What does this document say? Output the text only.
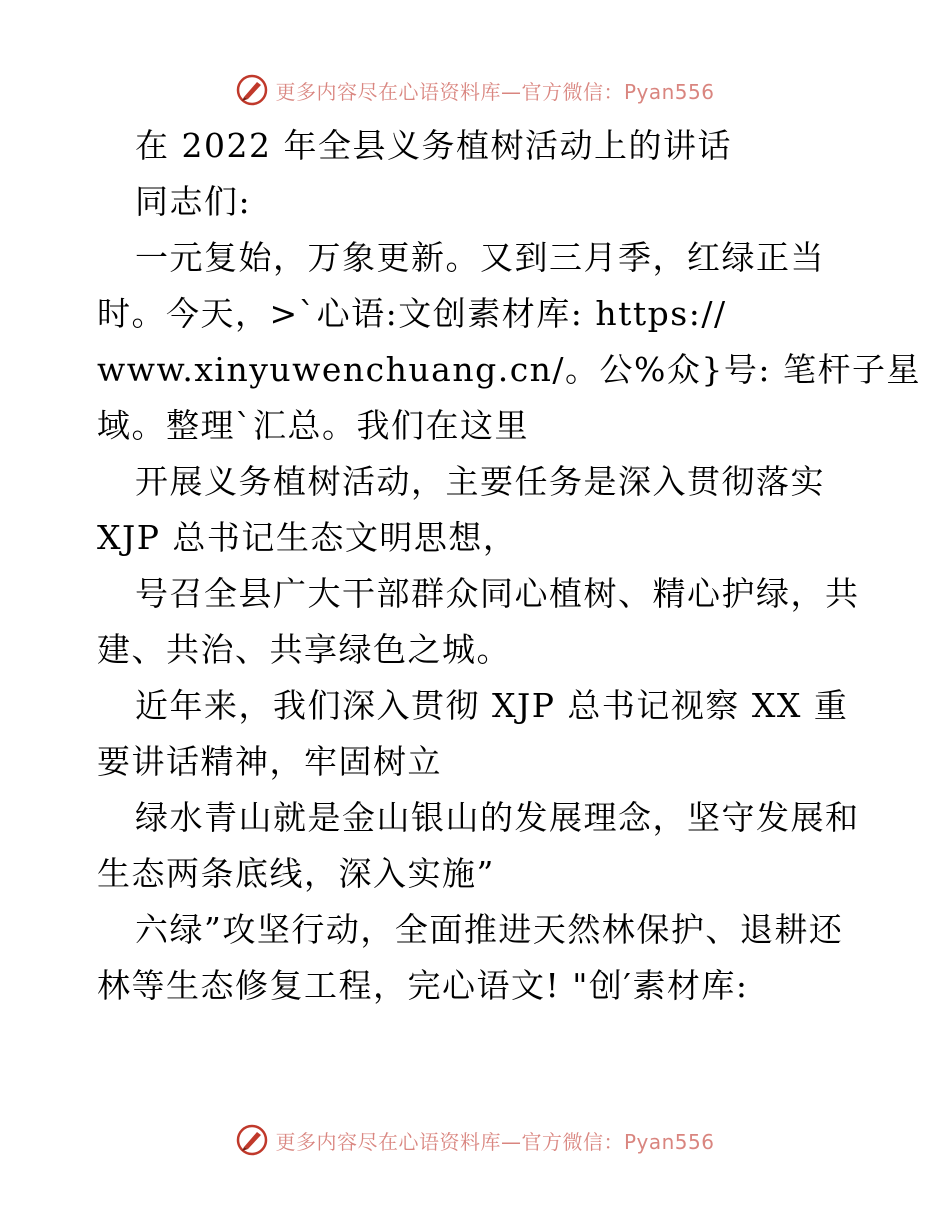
更多内容尽在心语资料库—官方微信：Pyan556
在 2022 年全县义务植树活动上的讲话
同志们:
一元复始，万象更新。又到三月季，红绿正当
时。今天，>`心语:文创素材库: https://
www.xinyuwenchuang.cn/。公%众}号: 笔杆子星
域。整理`汇总。我们在这里
开展义务植树活动，主要任务是深入贯彻落实
XJP 总书记生态文明思想，
号召全县广大干部群众同心植树、精心护绿，共
建、共治、共享绿色之城。
近年来，我们深入贯彻 XJP 总书记视察 XX 重
要讲话精神，牢固树立
绿水青山就是金山银山的发展理念，坚守发展和
生态两条底线，深入实施”
六绿”攻坚行动，全面推进天然林保护、退耕还
林等生态修复工程，完心语文! "创′素材库:
更多内容尽在心语资料库—官方微信：Pyan556
